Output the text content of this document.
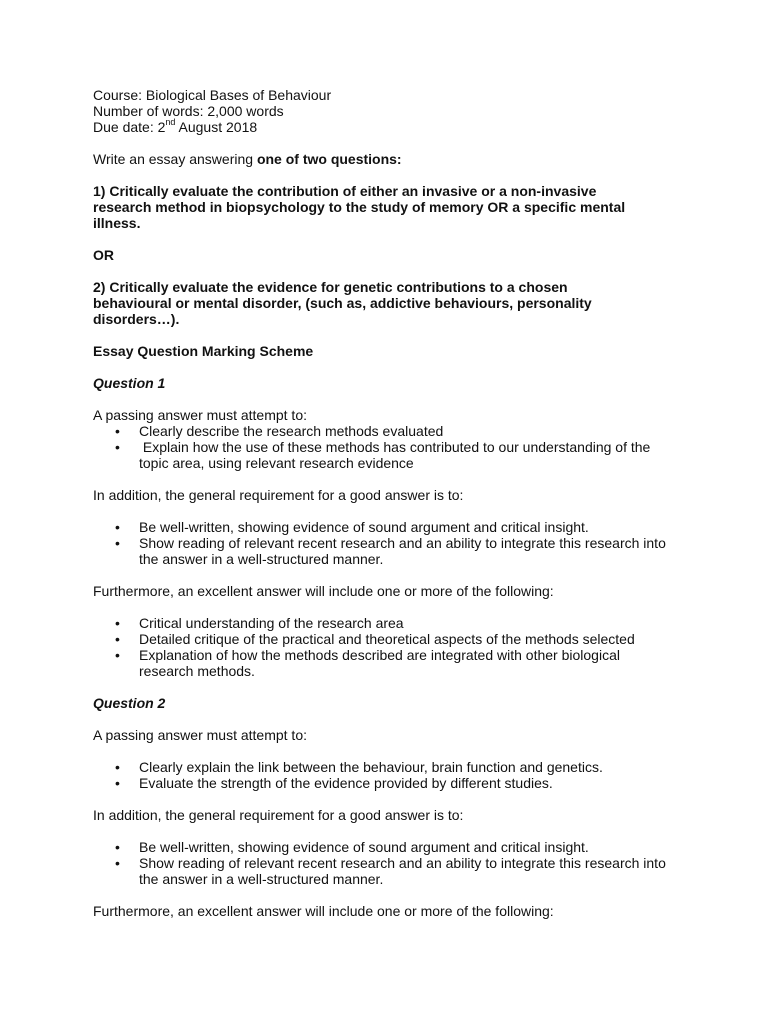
Course: Biological Bases of Behaviour
Number of words: 2,000 words
Due date: 2nd August 2018
Write an essay answering one of two questions:
1) Critically evaluate the contribution of either an invasive or a non-invasive
research method in biopsychology to the study of memory OR a specific mental
illness.
OR
2) Critically evaluate the evidence for genetic contributions to a chosen
behavioural or mental disorder, (such as, addictive behaviours, personality
disorders…).
Essay Question Marking Scheme
Question 1
A passing answer must attempt to:
• Clearly describe the research methods evaluated
• Explain how the use of these methods has contributed to our understanding of the
topic area, using relevant research evidence
In addition, the general requirement for a good answer is to:
• Be well-written, showing evidence of sound argument and critical insight.
• Show reading of relevant recent research and an ability to integrate this research into
the answer in a well-structured manner.
Furthermore, an excellent answer will include one or more of the following:
• Critical understanding of the research area
• Detailed critique of the practical and theoretical aspects of the methods selected
• Explanation of how the methods described are integrated with other biological
research methods.
Question 2
A passing answer must attempt to:
• Clearly explain the link between the behaviour, brain function and genetics.
• Evaluate the strength of the evidence provided by different studies.
In addition, the general requirement for a good answer is to:
• Be well-written, showing evidence of sound argument and critical insight.
• Show reading of relevant recent research and an ability to integrate this research into
the answer in a well-structured manner.
Furthermore, an excellent answer will include one or more of the following:
